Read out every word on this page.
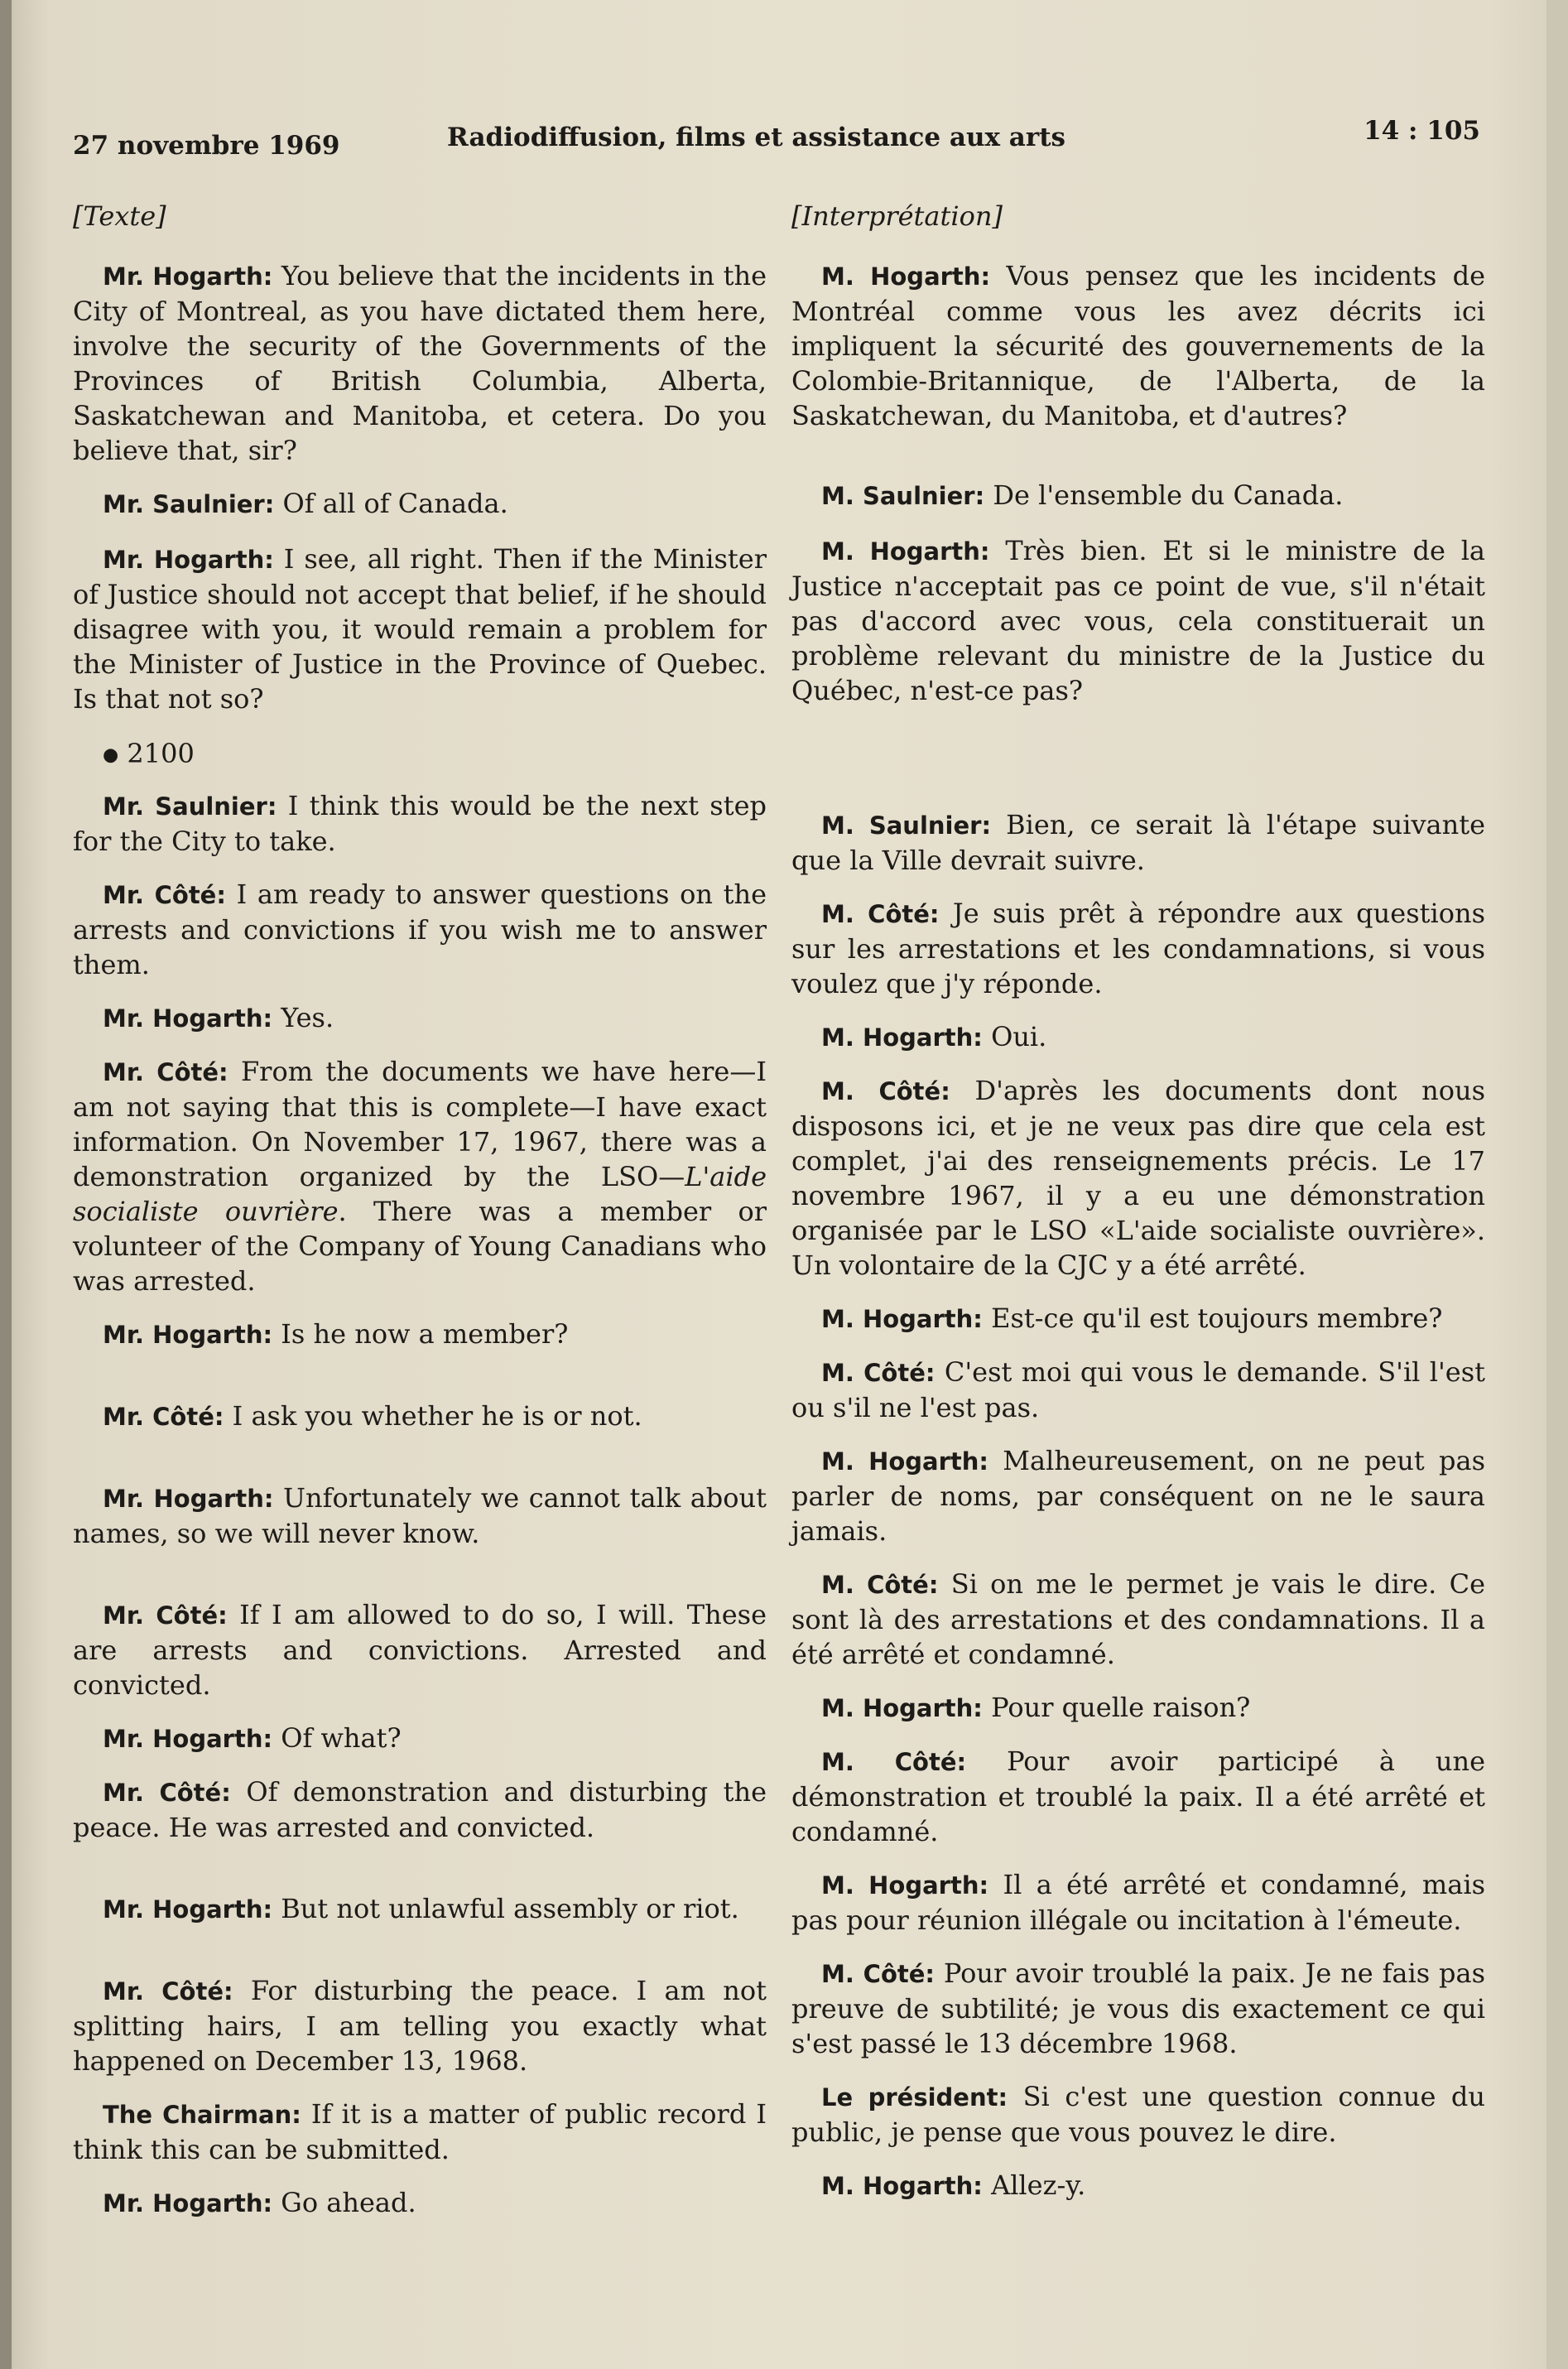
27 novembre 1969	Radiodiffusion, films et assistance aux arts	14 : 105

[Texte]

Mr. Hogarth: You believe that the incidents in the City of Montreal, as you have dictated them here, involve the security of the Governments of the Provinces of British Columbia, Alberta, Saskatchewan and Manitoba, et cetera. Do you believe that, sir?

Mr. Saulnier: Of all of Canada.

Mr. Hogarth: I see, all right. Then if the Minister of Justice should not accept that belief, if he should disagree with you, it would remain a problem for the Minister of Justice in the Province of Quebec. Is that not so?

● 2100

Mr. Saulnier: I think this would be the next step for the City to take.

Mr. Côté: I am ready to answer questions on the arrests and convictions if you wish me to answer them.

Mr. Hogarth: Yes.

Mr. Côté: From the documents we have here—I am not saying that this is complete—I have exact information. On November 17, 1967, there was a demonstration organized by the LSO—L'aide socialiste ouvrière. There was a member or volunteer of the Company of Young Canadians who was arrested.

Mr. Hogarth: Is he now a member?

Mr. Côté: I ask you whether he is or not.

Mr. Hogarth: Unfortunately we cannot talk about names, so we will never know.

Mr. Côté: If I am allowed to do so, I will. These are arrests and convictions. Arrested and convicted.

Mr. Hogarth: Of what?

Mr. Côté: Of demonstration and disturbing the peace. He was arrested and convicted.

Mr. Hogarth: But not unlawful assembly or riot.

Mr. Côté: For disturbing the peace. I am not splitting hairs, I am telling you exactly what happened on December 13, 1968.

The Chairman: If it is a matter of public record I think this can be submitted.

Mr. Hogarth: Go ahead.

[Interprétation]

M. Hogarth: Vous pensez que les incidents de Montréal comme vous les avez décrits ici impliquent la sécurité des gouvernements de la Colombie-Britannique, de l'Alberta, de la Saskatchewan, du Manitoba, et d'autres?

M. Saulnier: De l'ensemble du Canada.

M. Hogarth: Très bien. Et si le ministre de la Justice n'acceptait pas ce point de vue, s'il n'était pas d'accord avec vous, cela constituerait un problème relevant du ministre de la Justice du Québec, n'est-ce pas?

M. Saulnier: Bien, ce serait là l'étape suivante que la Ville devrait suivre.

M. Côté: Je suis prêt à répondre aux questions sur les arrestations et les condamnations, si vous voulez que j'y réponde.

M. Hogarth: Oui.

M. Côté: D'après les documents dont nous disposons ici, et je ne veux pas dire que cela est complet, j'ai des renseignements précis. Le 17 novembre 1967, il y a eu une démonstration organisée par le LSO «L'aide socialiste ouvrière». Un volontaire de la CJC y a été arrêté.

M. Hogarth: Est-ce qu'il est toujours membre?

M. Côté: C'est moi qui vous le demande. S'il l'est ou s'il ne l'est pas.

M. Hogarth: Malheureusement, on ne peut pas parler de noms, par conséquent on ne le saura jamais.

M. Côté: Si on me le permet je vais le dire. Ce sont là des arrestations et des condamnations. Il a été arrêté et condamné.

M. Hogarth: Pour quelle raison?

M. Côté: Pour avoir participé à une démonstration et troublé la paix. Il a été arrêté et condamné.

M. Hogarth: Il a été arrêté et condamné, mais pas pour réunion illégale ou incitation à l'émeute.

M. Côté: Pour avoir troublé la paix. Je ne fais pas preuve de subtilité; je vous dis exactement ce qui s'est passé le 13 décembre 1968.

Le président: Si c'est une question connue du public, je pense que vous pouvez le dire.

M. Hogarth: Allez-y.
